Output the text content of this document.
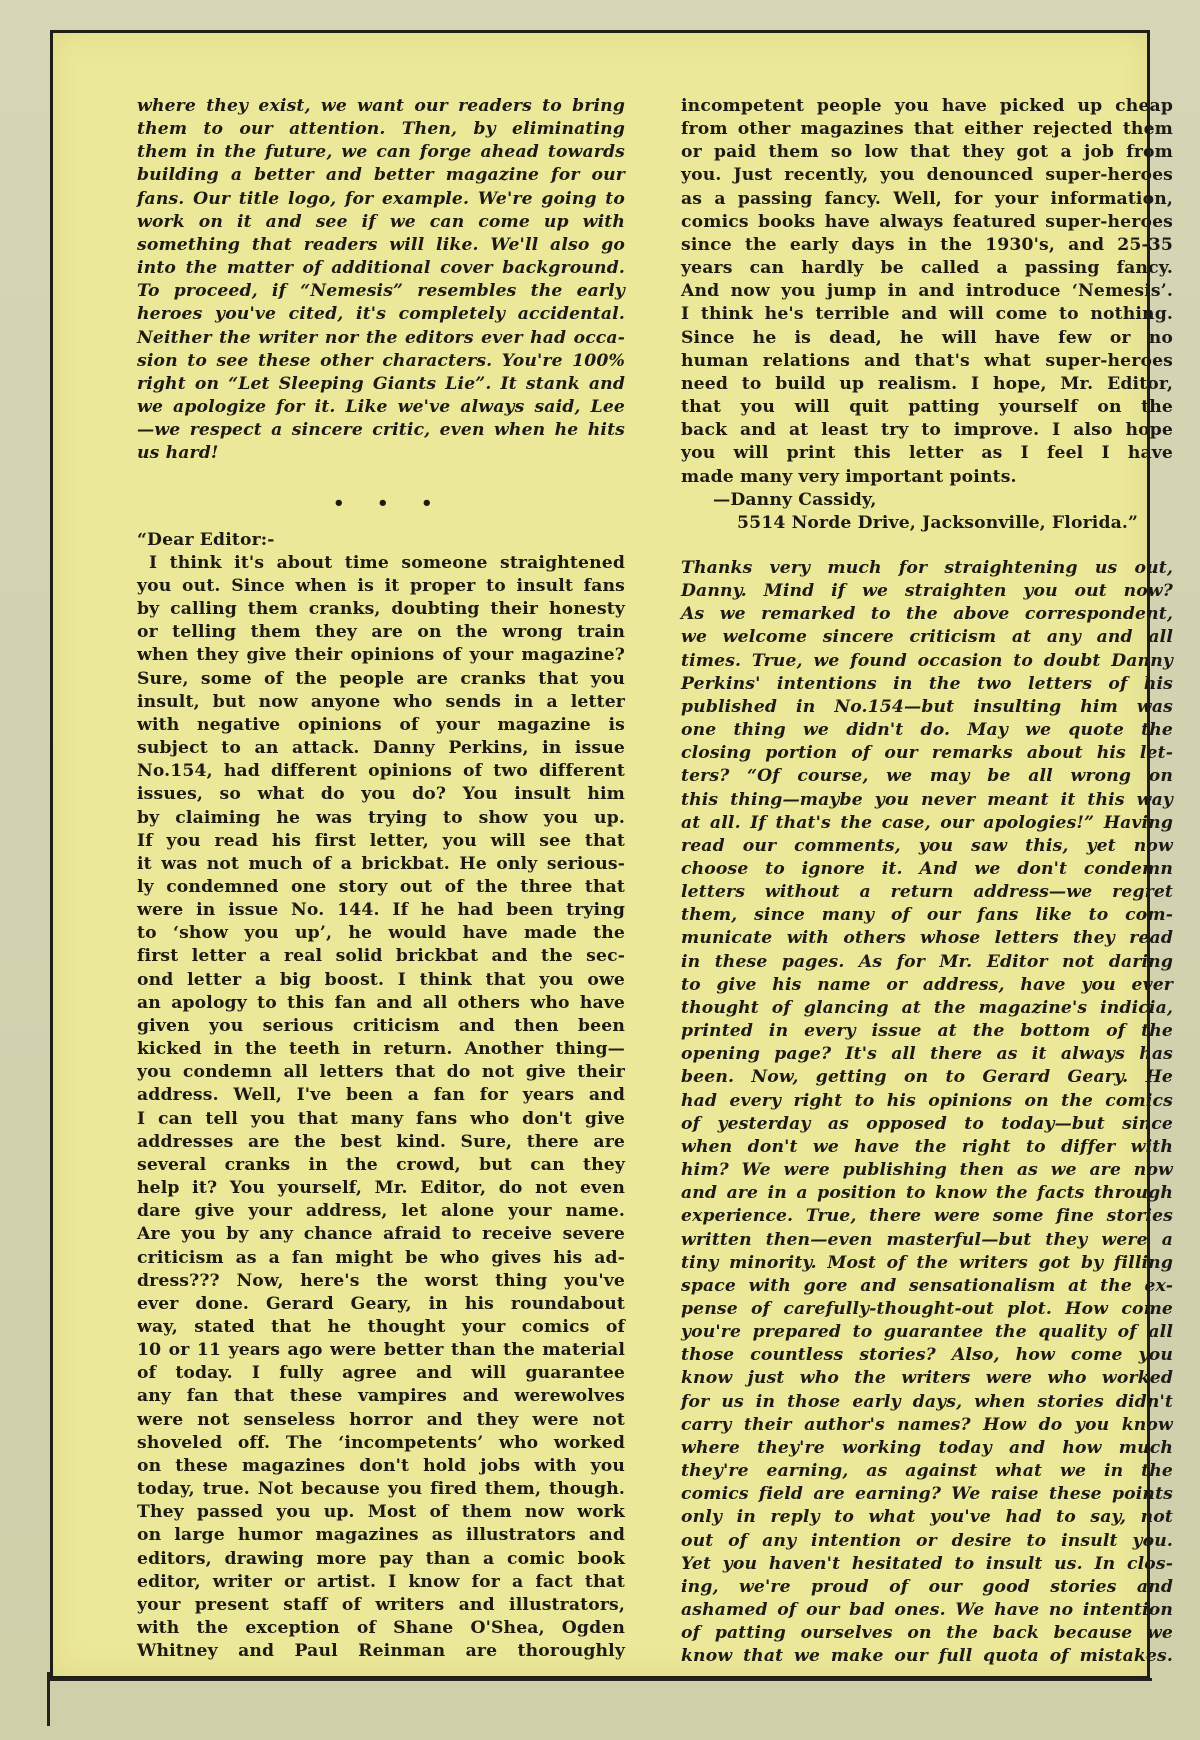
where they exist, we want our readers to bring
them to our attention. Then, by eliminating
them in the future, we can forge ahead towards
building a better and better magazine for our
fans. Our title logo, for example. We're going to
work on it and see if we can come up with
something that readers will like. We'll also go
into the matter of additional cover background.
To proceed, if “Nemesis” resembles the early
heroes you've cited, it's completely accidental.
Neither the writer nor the editors ever had occa-
sion to see these other characters. You're 100%
right on “Let Sleeping Giants Lie”. It stank and
we apologize for it. Like we've always said, Lee
—we respect a sincere critic, even when he hits
us hard!
• • •
“Dear Editor:-
I think it's about time someone straightened
you out. Since when is it proper to insult fans
by calling them cranks, doubting their honesty
or telling them they are on the wrong train
when they give their opinions of your magazine?
Sure, some of the people are cranks that you
insult, but now anyone who sends in a letter
with negative opinions of your magazine is
subject to an attack. Danny Perkins, in issue
No.154, had different opinions of two different
issues, so what do you do? You insult him
by claiming he was trying to show you up.
If you read his first letter, you will see that
it was not much of a brickbat. He only serious-
ly condemned one story out of the three that
were in issue No. 144. If he had been trying
to ‘show you up’, he would have made the
first letter a real solid brickbat and the sec-
ond letter a big boost. I think that you owe
an apology to this fan and all others who have
given you serious criticism and then been
kicked in the teeth in return. Another thing—
you condemn all letters that do not give their
address. Well, I've been a fan for years and
I can tell you that many fans who don't give
addresses are the best kind. Sure, there are
several cranks in the crowd, but can they
help it? You yourself, Mr. Editor, do not even
dare give your address, let alone your name.
Are you by any chance afraid to receive severe
criticism as a fan might be who gives his ad-
dress??? Now, here's the worst thing you've
ever done. Gerard Geary, in his roundabout
way, stated that he thought your comics of
10 or 11 years ago were better than the material
of today. I fully agree and will guarantee
any fan that these vampires and werewolves
were not senseless horror and they were not
shoveled off. The ‘incompetents’ who worked
on these magazines don't hold jobs with you
today, true. Not because you fired them, though.
They passed you up. Most of them now work
on large humor magazines as illustrators and
editors, drawing more pay than a comic book
editor, writer or artist. I know for a fact that
your present staff of writers and illustrators,
with the exception of Shane O'Shea, Ogden
Whitney and Paul Reinman are thoroughly
incompetent people you have picked up cheap
from other magazines that either rejected them
or paid them so low that they got a job from
you. Just recently, you denounced super-heroes
as a passing fancy. Well, for your information,
comics books have always featured super-heroes
since the early days in the 1930's, and 25-35
years can hardly be called a passing fancy.
And now you jump in and introduce ‘Nemesis’.
I think he's terrible and will come to nothing.
Since he is dead, he will have few or no
human relations and that's what super-heroes
need to build up realism. I hope, Mr. Editor,
that you will quit patting yourself on the
back and at least try to improve. I also hope
you will print this letter as I feel I have
made many very important points.
—Danny Cassidy,
5514 Norde Drive, Jacksonville, Florida.”
Thanks very much for straightening us out,
Danny. Mind if we straighten you out now?
As we remarked to the above correspondent,
we welcome sincere criticism at any and all
times. True, we found occasion to doubt Danny
Perkins' intentions in the two letters of his
published in No.154—but insulting him was
one thing we didn't do. May we quote the
closing portion of our remarks about his let-
ters? “Of course, we may be all wrong on
this thing—maybe you never meant it this way
at all. If that's the case, our apologies!” Having
read our comments, you saw this, yet now
choose to ignore it. And we don't condemn
letters without a return address—we regret
them, since many of our fans like to com-
municate with others whose letters they read
in these pages. As for Mr. Editor not daring
to give his name or address, have you ever
thought of glancing at the magazine's indicia,
printed in every issue at the bottom of the
opening page? It's all there as it always has
been. Now, getting on to Gerard Geary. He
had every right to his opinions on the comics
of yesterday as opposed to today—but since
when don't we have the right to differ with
him? We were publishing then as we are now
and are in a position to know the facts through
experience. True, there were some fine stories
written then—even masterful—but they were a
tiny minority. Most of the writers got by filling
space with gore and sensationalism at the ex-
pense of carefully-thought-out plot. How come
you're prepared to guarantee the quality of all
those countless stories? Also, how come you
know just who the writers were who worked
for us in those early days, when stories didn't
carry their author's names? How do you know
where they're working today and how much
they're earning, as against what we in the
comics field are earning? We raise these points
only in reply to what you've had to say, not
out of any intention or desire to insult you.
Yet you haven't hesitated to insult us. In clos-
ing, we're proud of our good stories and
ashamed of our bad ones. We have no intention
of patting ourselves on the back because we
know that we make our full quota of mistakes.
